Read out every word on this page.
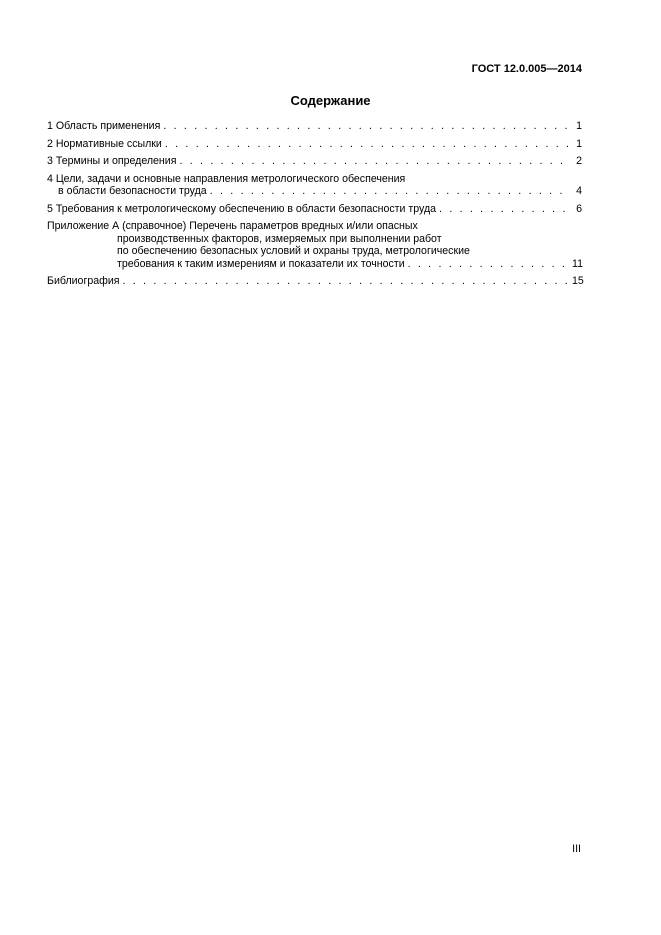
ГОСТ 12.0.005—2014
Содержание
1 Область применения . . .	1
2 Нормативные ссылки . . .	1
3 Термины и определения . . .	2
4 Цели, задачи и основные направления метрологического обеспечения
в области безопасности труда . . .	4
5 Требования к метрологическому обеспечению в области безопасности труда . . .	6
Приложение А (справочное) Перечень параметров вредных и/или опасных
производственных факторов, измеряемых при выполнении работ
по обеспечению безопасных условий и охраны труда, метрологические
требования к таким измерениям и показатели их точности . . .	11
Библиография . . .	15
III
